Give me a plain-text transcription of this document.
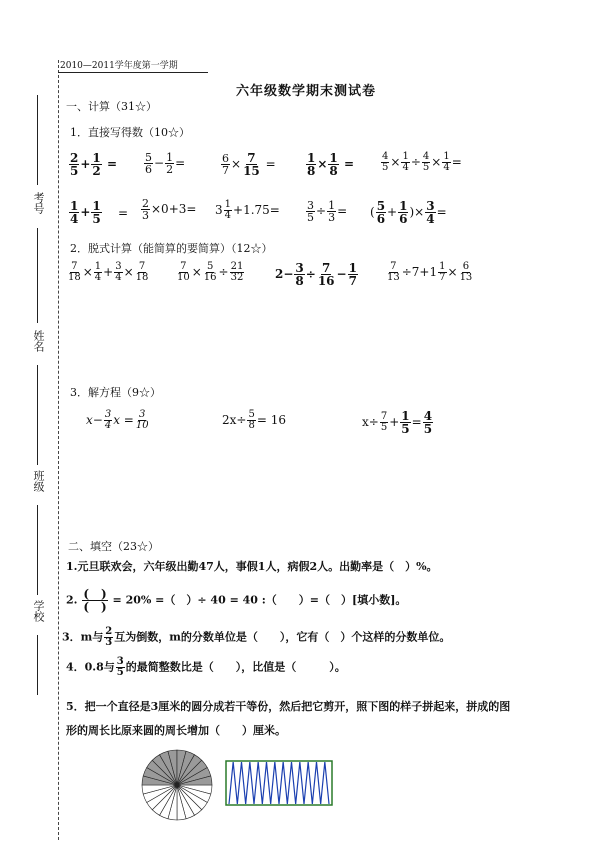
考号
姓名
班级
学校
2010—2011学年度第一学期
六年级数学期末测试卷
一、计算（31☆）
1．直接写得数（10☆）
$\frac{2}{5} + \frac{1}{2} = \frac{5}{6} - \frac{1}{2}$ =	$\frac{6}{7} \times \frac{7}{15}$ =	$\frac{1}{8} \times \frac{1}{8}$ =	$\frac{4}{5} \times \frac{1}{4} \div \frac{4}{5} \times \frac{1}{4}$ =
$\frac{1}{4} + \frac{1}{5} = \frac{2}{3} \times 0+3= 3 \frac{1}{4} +1.75= \frac{3}{5} \div \frac{1}{3}$ = ( $\frac{5}{6} + \frac{1}{6}$ )× $\frac{3}{4}$ =
2．脱式计算（能简算的要简算）（12☆）
$\frac{7}{18} \times \frac{1}{4} + \frac{3}{4} \times \frac{7}{18}$	$\frac{7}{10} \times \frac{5}{16} \div \frac{21}{32}$	$2- \frac{3}{8} \div \frac{7}{16} - \frac{1}{7}$	$\frac{7}{13} \div 7+1 \frac{1}{7} \times \frac{6}{13}$
3．解方程（9☆）
$x- \frac{3}{4}$ $x = \frac{3}{10}$	$2x\div \frac{5}{8} = 16$	$x\div \frac{7}{5} + \frac{1}{5} = \frac{4}{5}$
二、填空（23☆）
1.元旦联欢会，六年级出勤47人，事假1人，病假2人。出勤率是（　）%。
2. $\frac{( )}{( )} = 20\%$ =（　）÷ 40 = 40 :（　　）=（　）[填小数]。
3．m与 $\frac{2}{3}$ 互为倒数，m的分数单位是（　　），它有（　）个这样的分数单位。
4．0.8与 $\frac{3}{5}$ 的最简整数比是（　　），比值是（　　　）。
5．把一个直径是3厘米的圆分成若干等份，然后把它剪开，照下图的样子拼起来，拼成的图
形的周长比原来圆的周长增加（　　）厘米。
